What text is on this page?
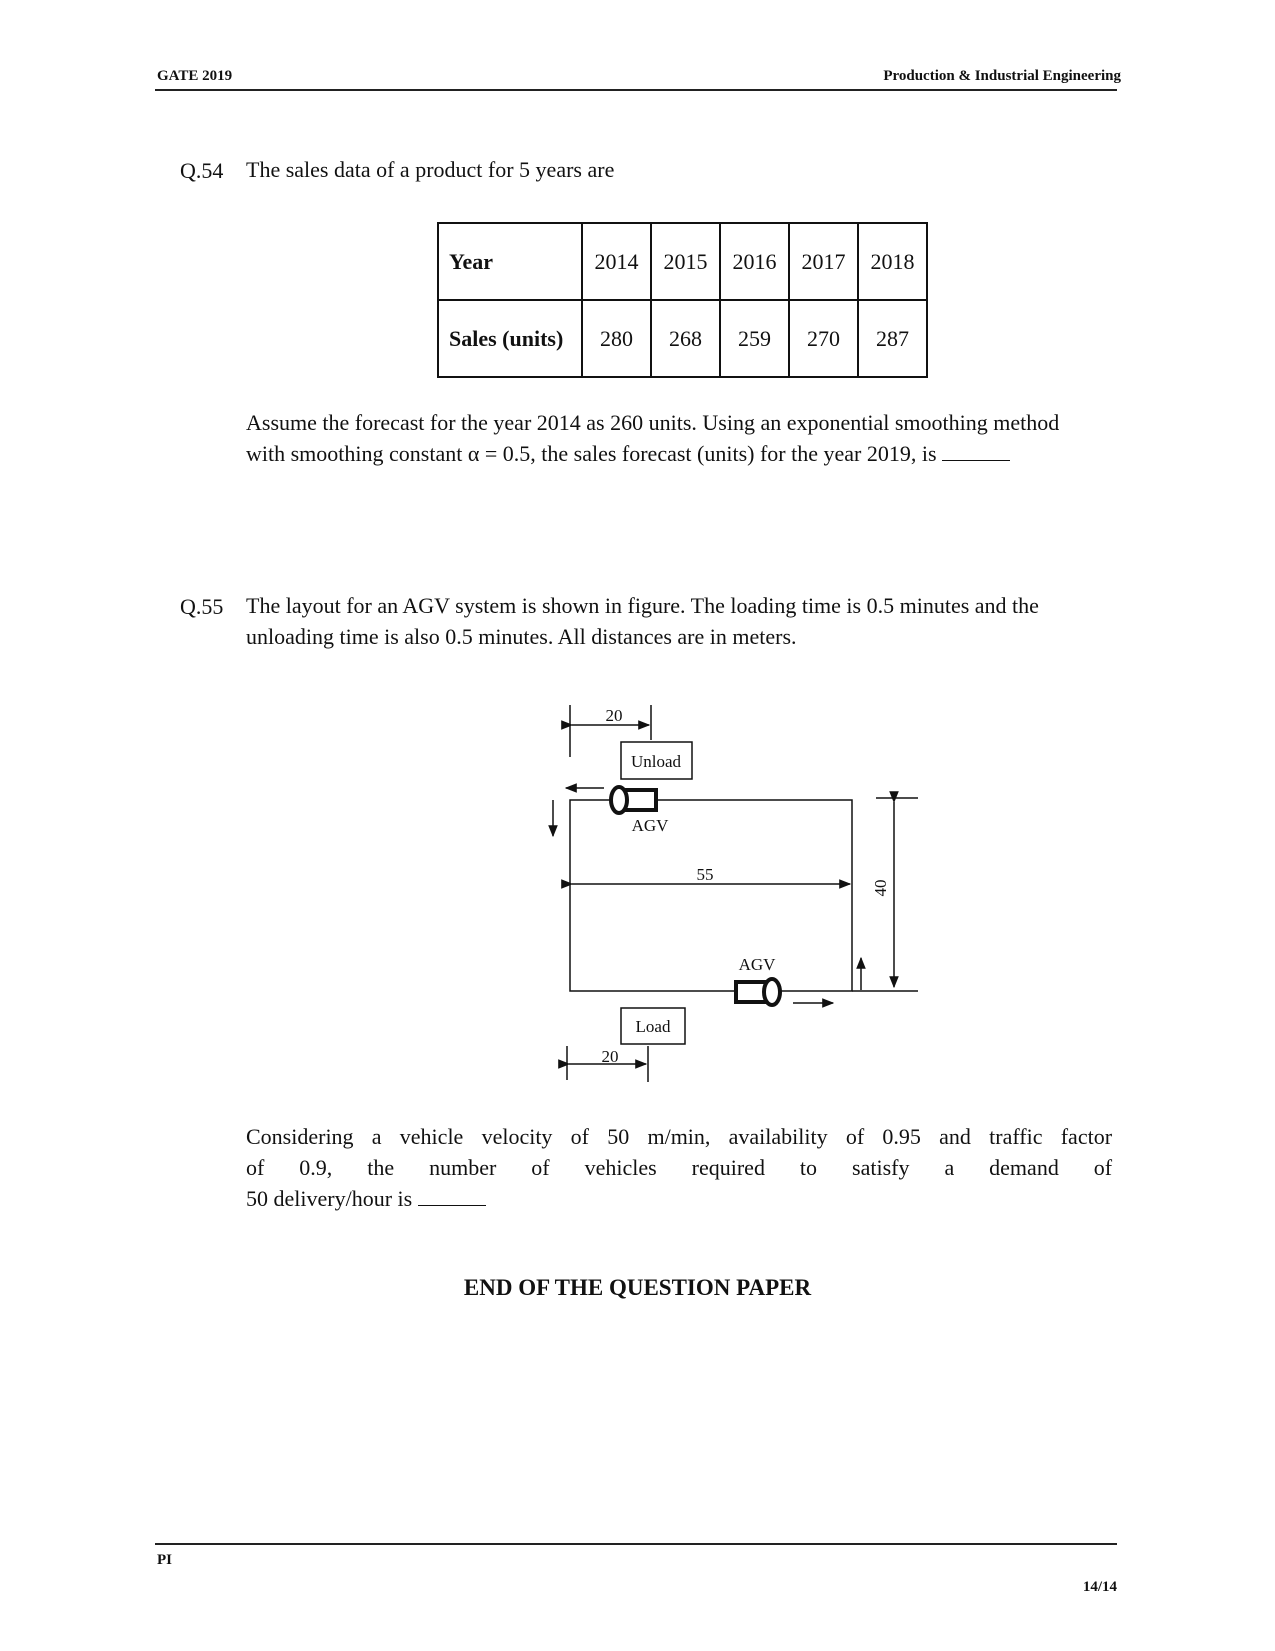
GATE 2019	Production & Industrial Engineering
Q.54 The sales data of a product for 5 years are
Year	2014	2015	2016	2017	2018
Sales (units)	280	268	259	270	287
Assume the forecast for the year 2014 as 260 units. Using an exponential smoothing method
with smoothing constant α = 0.5, the sales forecast (units) for the year 2019, is
Q.55 The layout for an AGV system is shown in figure. The loading time is 0.5 minutes and the
unloading time is also 0.5 minutes. All distances are in meters.
20
20
55
40
Unload
Load
AGV
AGV
Considering a vehicle velocity of 50 m/min, availability of 0.95 and traffic factor
of 0.9, the number of vehicles required to satisfy a demand of
50 delivery/hour is
END OF THE QUESTION PAPER
PI
14/14
